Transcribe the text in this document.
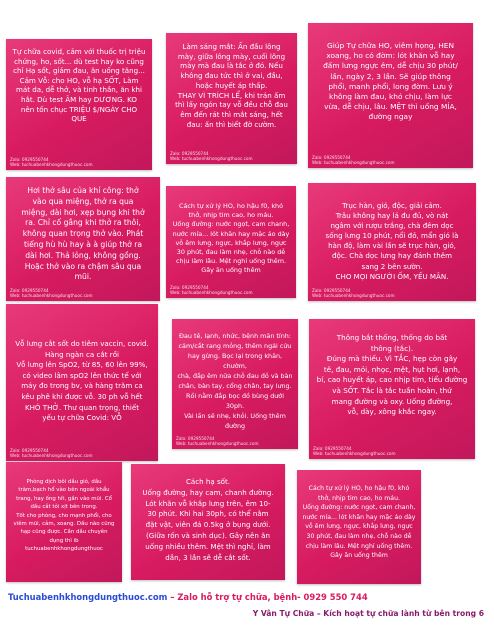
Tự chữa covid, cảm với thuốc trị triệu
chứng, ho, sốt... dù test hay ko cũng
chỉ Hạ sốt, giảm đau, ăn uống tăng...
Cảm Vỗ: cho HO, vỗ hạ SỐT, Làm
mát da, dễ thở, và tinh thần, ăn khi
hắt. Dù test ÂM hay DƯƠNG. KO
nên tốn chục TRIỆU $/NGÀY CHO
QUE
Zalo: 0929550744
Web: tuchuabenhkhongdungthuoc.com
Làm sáng mắt: Ấn đầu lông
mày, giữa lông mày, cuối lông
mày mà đau là tắc ở đó. Nếu
không đau tức thì ở vai, đầu,
hoặc huyết áp thấp.
THAY VÌ TRÍCH LỂ, khi trán ấm
thì lấy ngón tay vỗ đều chỗ đau
êm đến rát thì mắt sáng, hết
đau: ấn thì biết đờ cườm.
Zalo: 0929550744
Web: tuchuabenhkhongdungthuoc.com
Giúp Tự chữa HO, viêm họng, HEN
xoang, ho có đờm: lót khăn vỗ hay
đấm lưng ngực êm, dễ chịu 30 phút/
lần, ngày 2, 3 lần. Sẽ giúp thông
phổi, manh phổi, long đờm. Lưu ý
không làm đau, khó chịu, làm lực
vừa, dễ chịu, lâu. MỆT thì uống MÍA,
đường ngay
Zalo: 0929550744
Web: tuchuabenhkhongdungthuoc.com
Hơi thở sâu của khí công: thở
vào qua miệng, thở ra qua
miệng, dài hơi, xẹp bụng khi thở
ra. Chỉ cố gắng khi thở ra thôi,
không quan trọng thở vào. Phát
tiếng hù hù hay à à giúp thở ra
dài hơi. Thả lỏng, không gồng.
Hoặc thở vào ra chậm sâu qua
mũi.
Zalo: 0929550744
Web: tuchuabenhkhongdungthuoc.com
Cách tự xử lý HO, ho hậu f0, khó
thở, nhịp tim cao, ho máu.
Uống đường: nước ngọt, cam chanh,
nước mía... lót khăn hay mặc áo dày
vỗ êm lưng, ngực, khắp lưng, ngực
30 phút, đau làm nhẹ, chỗ nào dễ
chịu làm lâu. Mệt nghỉ uống thêm.
Gây ăn uống thêm
Zalo: 0929550744
Web: tuchuabenhkhongdungthuoc.com
Trục hàn, gió, độc, giải cảm.
Trâu không hay lá đu đủ, vò nát
ngâm với rượu trắng, chà đêm dọc
sống lưng 10 phút, nổi đỏ, mẩn gió là
hàn độ, làm vài lần sẽ trục hàn, gió,
độc. Chà dọc lưng hay đánh thêm
sang 2 bên sườn.
CHO MỌI NGƯỜI ỐM, YẾU MÂN.
Zalo: 0929550744
Web: tuchuabenhkhongdungthuoc.com
Vỗ lưng cắt sốt do tiêm vaccin, covid.
Hàng ngàn ca cắt rồi
Vỗ lưng lên SpO2, từ 85, 60 lên 99%,
có video lâm spO2 lên thức tế với
máy đo trong bv, và hàng trăm ca
kêu phê khi được vỗ. 30 ph vỗ hết
KHÓ THỞ. Thư quan trọng, thiết
yếu tự chữa Covid: VỖ
Zalo: 0929550744
Web: tuchuabenhkhongdungthuoc.com
Đau tê, lạnh, nhức, bệnh mãn tính:
cảm/cắt rang mỏng, thêm ngải cứu
hay gừng. Bọc lại trong khăn, chườm,
chà, đắp êm nữa chỗ đau đỏ và bàn
chân, bàn tay, cổng chân, tay lưng.
Rồi nằm đắp bọc đồ bùng dưới 30ph.
Vài lần sẽ nhẹ, khỏi. Uống thêm
đường
Zalo: 0929550744
Web: tuchuabenhkhongdungthuoc.com
Thông bắt thống, thống do bất
thông (tắc).
Đúng mà thiếu. Vì TẮC, hẹp còn gây
tê, đau, mỏi, nhọc, mệt, hụt hơi, lạnh,
bí, cao huyết áp, cao nhịp tim, tiểu đường
và SỐT. Tắc là tắc tuần hoàn, thứ
mang đường và oxy. Uống đường,
vỗ, dày, xông khắc ngay.
Zalo: 0929550744
Web: tuchuabenhkhongdungthuoc.com
Phòng dịch bôi dầu gió, dầu
tràm,bạch hổ vào bên ngoài khẩu
trang, hay ống hít, gần vào mũi. Cổ
dầu cắt tỏi xịt bên trong.
Tốt cho phòng, cho mạnh phổi, cho
viêm mũi, cảm, xoang. Dầu nào cũng
hạp cũng được. Cần dầu chuyên
dụng thì ib tuchuabenhkhongdungthuoc
Cách hạ sốt.
Uống đường, hay cam, chanh đường.
Lót khăn vỗ khắp lưng trên, êm 10-
30 phút. Khi hai 30ph, có thể nằm
đặt vật, viên đá 0.5kg ở bụng dưới.
(Giữa rốn và sinh dục). Gây nên ăn
uống nhiều thêm. Mệt thì nghỉ, làm
dần, 3 lần sẽ dễ cắt sốt.
Cách tự xử lý HO, ho hậu f0, khó
thở, nhịp tim cao, ho máu.
Uống đường: nước ngọt, cam chanh,
nước mía... lót khăn hay mặc áo dày
vỗ êm lưng, ngực, khắp lưng, ngực
30 phút, đau làm nhẹ, chỗ nào dễ
chịu làm lâu. Mệt nghỉ uống thêm.
Gây ăn uống thêm
Tuchuabenhkhongdungthuoc.com – Zalo hỗ trợ tự chữa, bệnh- 0929 550 744
Y Vân Tự Chữa – Kích hoạt tự chữa lành từ bên trong 6
